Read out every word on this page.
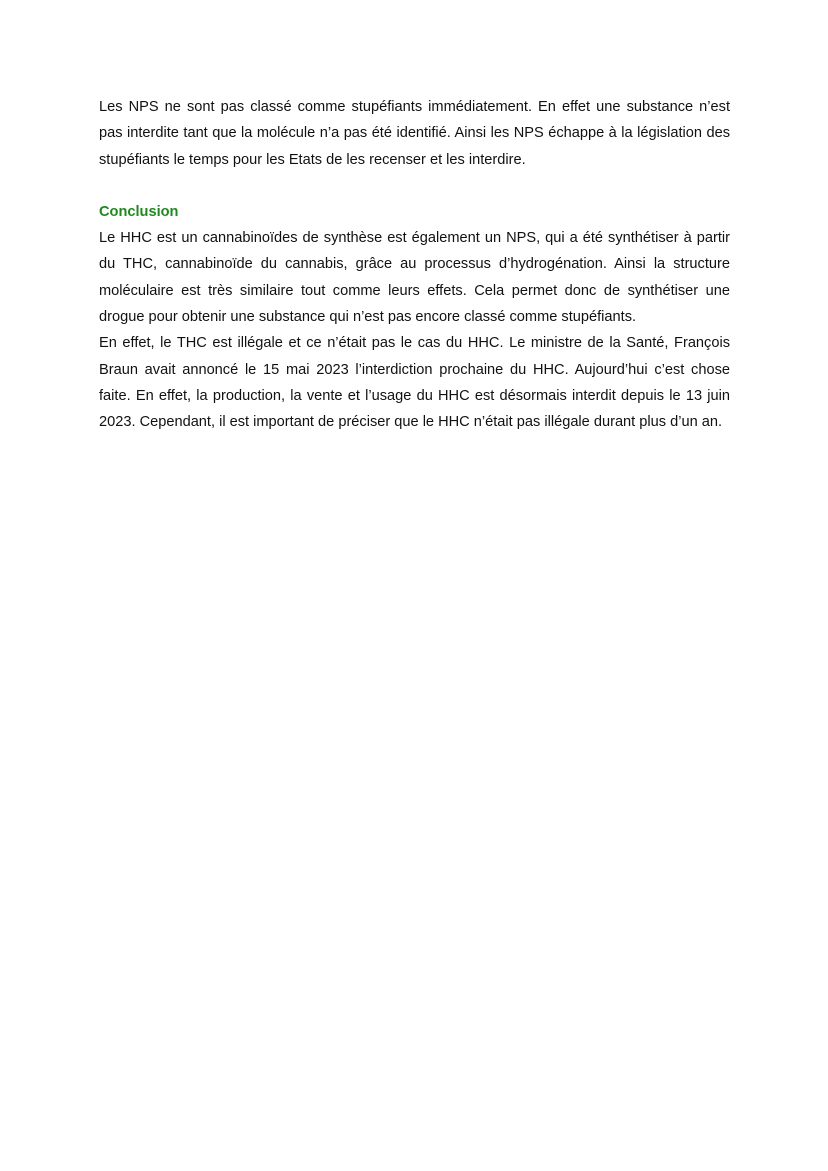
Les NPS ne sont pas classé comme stupéfiants immédiatement. En effet une substance n’est pas interdite tant que la molécule n’a pas été identifié. Ainsi les NPS échappe à la législation des stupéfiants le temps pour les Etats de les recenser et les interdire.

Conclusion

Le HHC est un cannabinoïdes de synthèse est également un NPS, qui a été synthétiser à partir du THC, cannabinoïde du cannabis, grâce au processus d’hydrogénation. Ainsi la structure moléculaire est très similaire tout comme leurs effets. Cela permet donc de synthétiser une drogue pour obtenir une substance qui n’est pas encore classé comme stupéfiants.

En effet, le THC est illégale et ce n’était pas le cas du HHC. Le ministre de la Santé, François Braun avait annoncé le 15 mai 2023 l’interdiction prochaine du HHC. Aujourd’hui c’est chose faite. En effet, la production, la vente et l’usage du HHC est désormais interdit depuis le 13 juin 2023. Cependant, il est important de préciser que le HHC n’était pas illégale durant plus d’un an.
